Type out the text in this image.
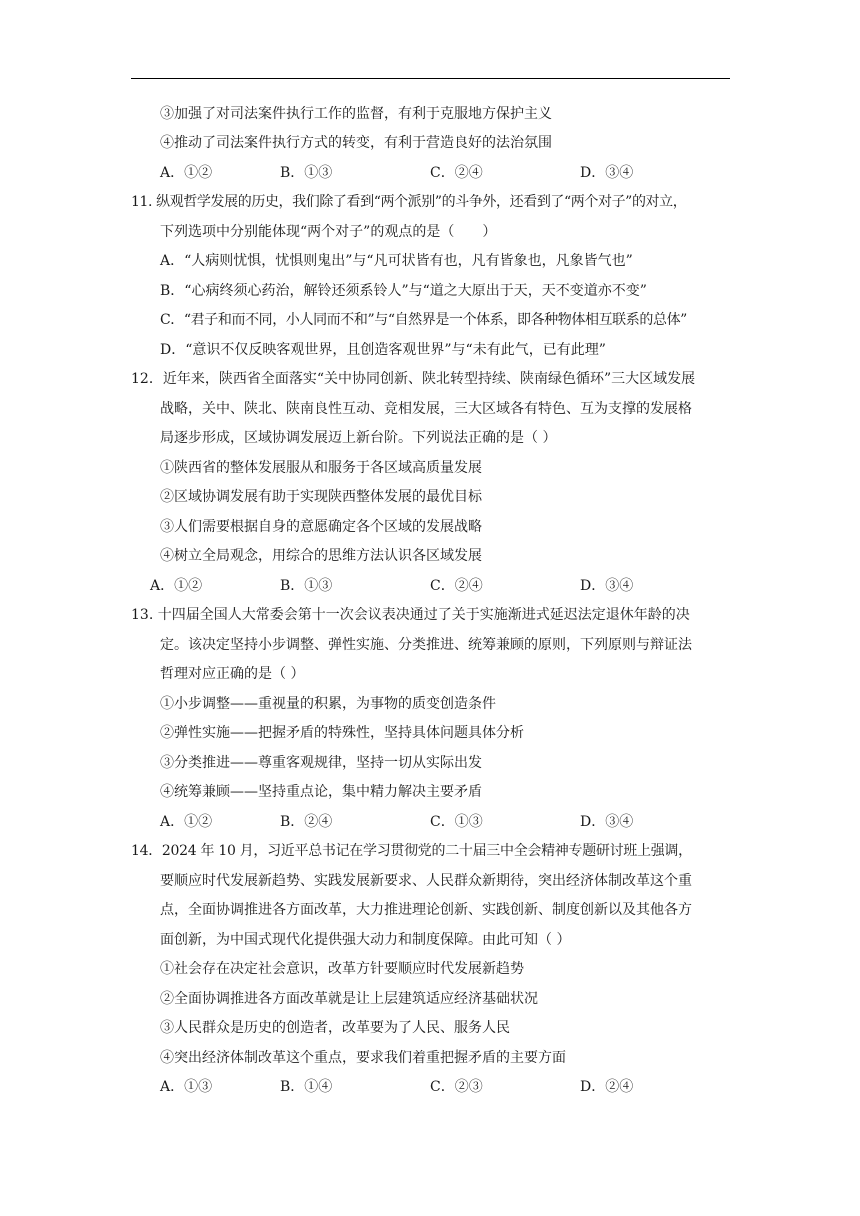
③加强了对司法案件执行工作的监督，有利于克服地方保护主义
④推动了司法案件执行方式的转变，有利于营造良好的法治氛围
A．①②	B．①③	C．②④	D．③④
11. 纵观哲学发展的历史，我们除了看到“两个派别”的斗争外，还看到了“两个对子”的对立，
下列选项中分别能体现“两个对子”的观点的是（　　）
A．“人病则忧惧，忧惧则鬼出”与“凡可状皆有也，凡有皆象也，凡象皆气也”
B．“心病终须心药治，解铃还须系铃人”与“道之大原出于天，天不变道亦不变”
C．“君子和而不同，小人同而不和”与“自然界是一个体系，即各种物体相互联系的总体”
D．“意识不仅反映客观世界，且创造客观世界”与“未有此气，已有此理”
12．近年来，陕西省全面落实“关中协同创新、陕北转型持续、陕南绿色循环”三大区域发展
战略，关中、陕北、陕南良性互动、竞相发展，三大区域各有特色、互为支撑的发展格
局逐步形成，区域协调发展迈上新台阶。下列说法正确的是（ ）
①陕西省的整体发展服从和服务于各区域高质量发展
②区域协调发展有助于实现陕西整体发展的最优目标
③人们需要根据自身的意愿确定各个区域的发展战略
④树立全局观念，用综合的思维方法认识各区域发展
A．①②	B．①③	C．②④	D．③④
13. 十四届全国人大常委会第十一次会议表决通过了关于实施渐进式延迟法定退休年龄的决
定。该决定坚持小步调整、弹性实施、分类推进、统筹兼顾的原则，下列原则与辩证法
哲理对应正确的是（ ）
①小步调整——重视量的积累，为事物的质变创造条件
②弹性实施——把握矛盾的特殊性，坚持具体问题具体分析
③分类推进——尊重客观规律，坚持一切从实际出发
④统筹兼顾——坚持重点论，集中精力解决主要矛盾
A．①②	B．②④	C．①③	D．③④
14．2024 年 10 月，习近平总书记在学习贯彻党的二十届三中全会精神专题研讨班上强调，
要顺应时代发展新趋势、实践发展新要求、人民群众新期待，突出经济体制改革这个重
点，全面协调推进各方面改革，大力推进理论创新、实践创新、制度创新以及其他各方
面创新，为中国式现代化提供强大动力和制度保障。由此可知（ ）
①社会存在决定社会意识，改革方针要顺应时代发展新趋势
②全面协调推进各方面改革就是让上层建筑适应经济基础状况
③人民群众是历史的创造者，改革要为了人民、服务人民
④突出经济体制改革这个重点，要求我们着重把握矛盾的主要方面
A．①③	B．①④	C．②③	D．②④
